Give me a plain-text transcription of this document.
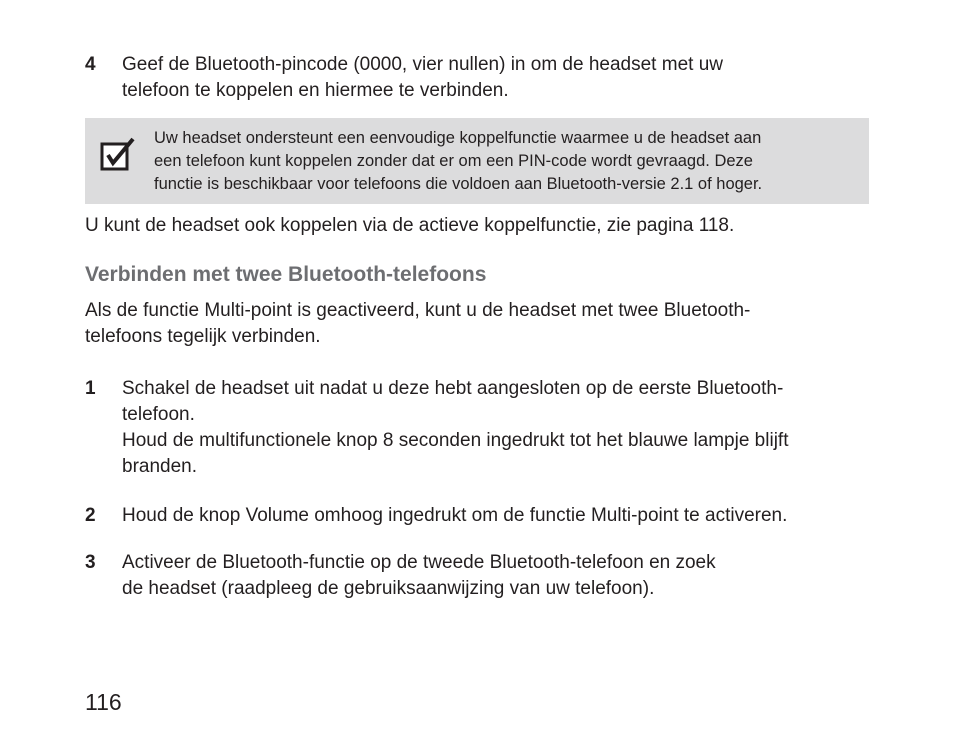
4 Geef de Bluetooth-pincode (0000, vier nullen) in om de headset met uw

telefoon te koppelen en hiermee te verbinden.

Uw headset ondersteunt een eenvoudige koppelfunctie waarmee u de headset aan
een telefoon kunt koppelen zonder dat er om een PIN-code wordt gevraagd. Deze
functie is beschikbaar voor telefoons die voldoen aan Bluetooth-versie 2.1 of hoger.

U kunt de headset ook koppelen via de actieve koppelfunctie, zie pagina 118.

Verbinden met twee Bluetooth-telefoons
Als de functie Multi-point is geactiveerd, kunt u de headset met twee Bluetooth-
telefoons tegelijk verbinden.
1 Schakel de headset uit nadat u deze hebt aangesloten op de eerste Bluetooth-

telefoon.

Houd de multifunctionele knop 8 seconden ingedrukt tot het blauwe lampje blijft

branden.

2 Houd de knop Volume omhoog ingedrukt om de functie Multi-point te activeren.

3 Activeer de Bluetooth-functie op de tweede Bluetooth-telefoon en zoek

de headset (raadpleeg de gebruiksaanwijzing van uw telefoon).

116
